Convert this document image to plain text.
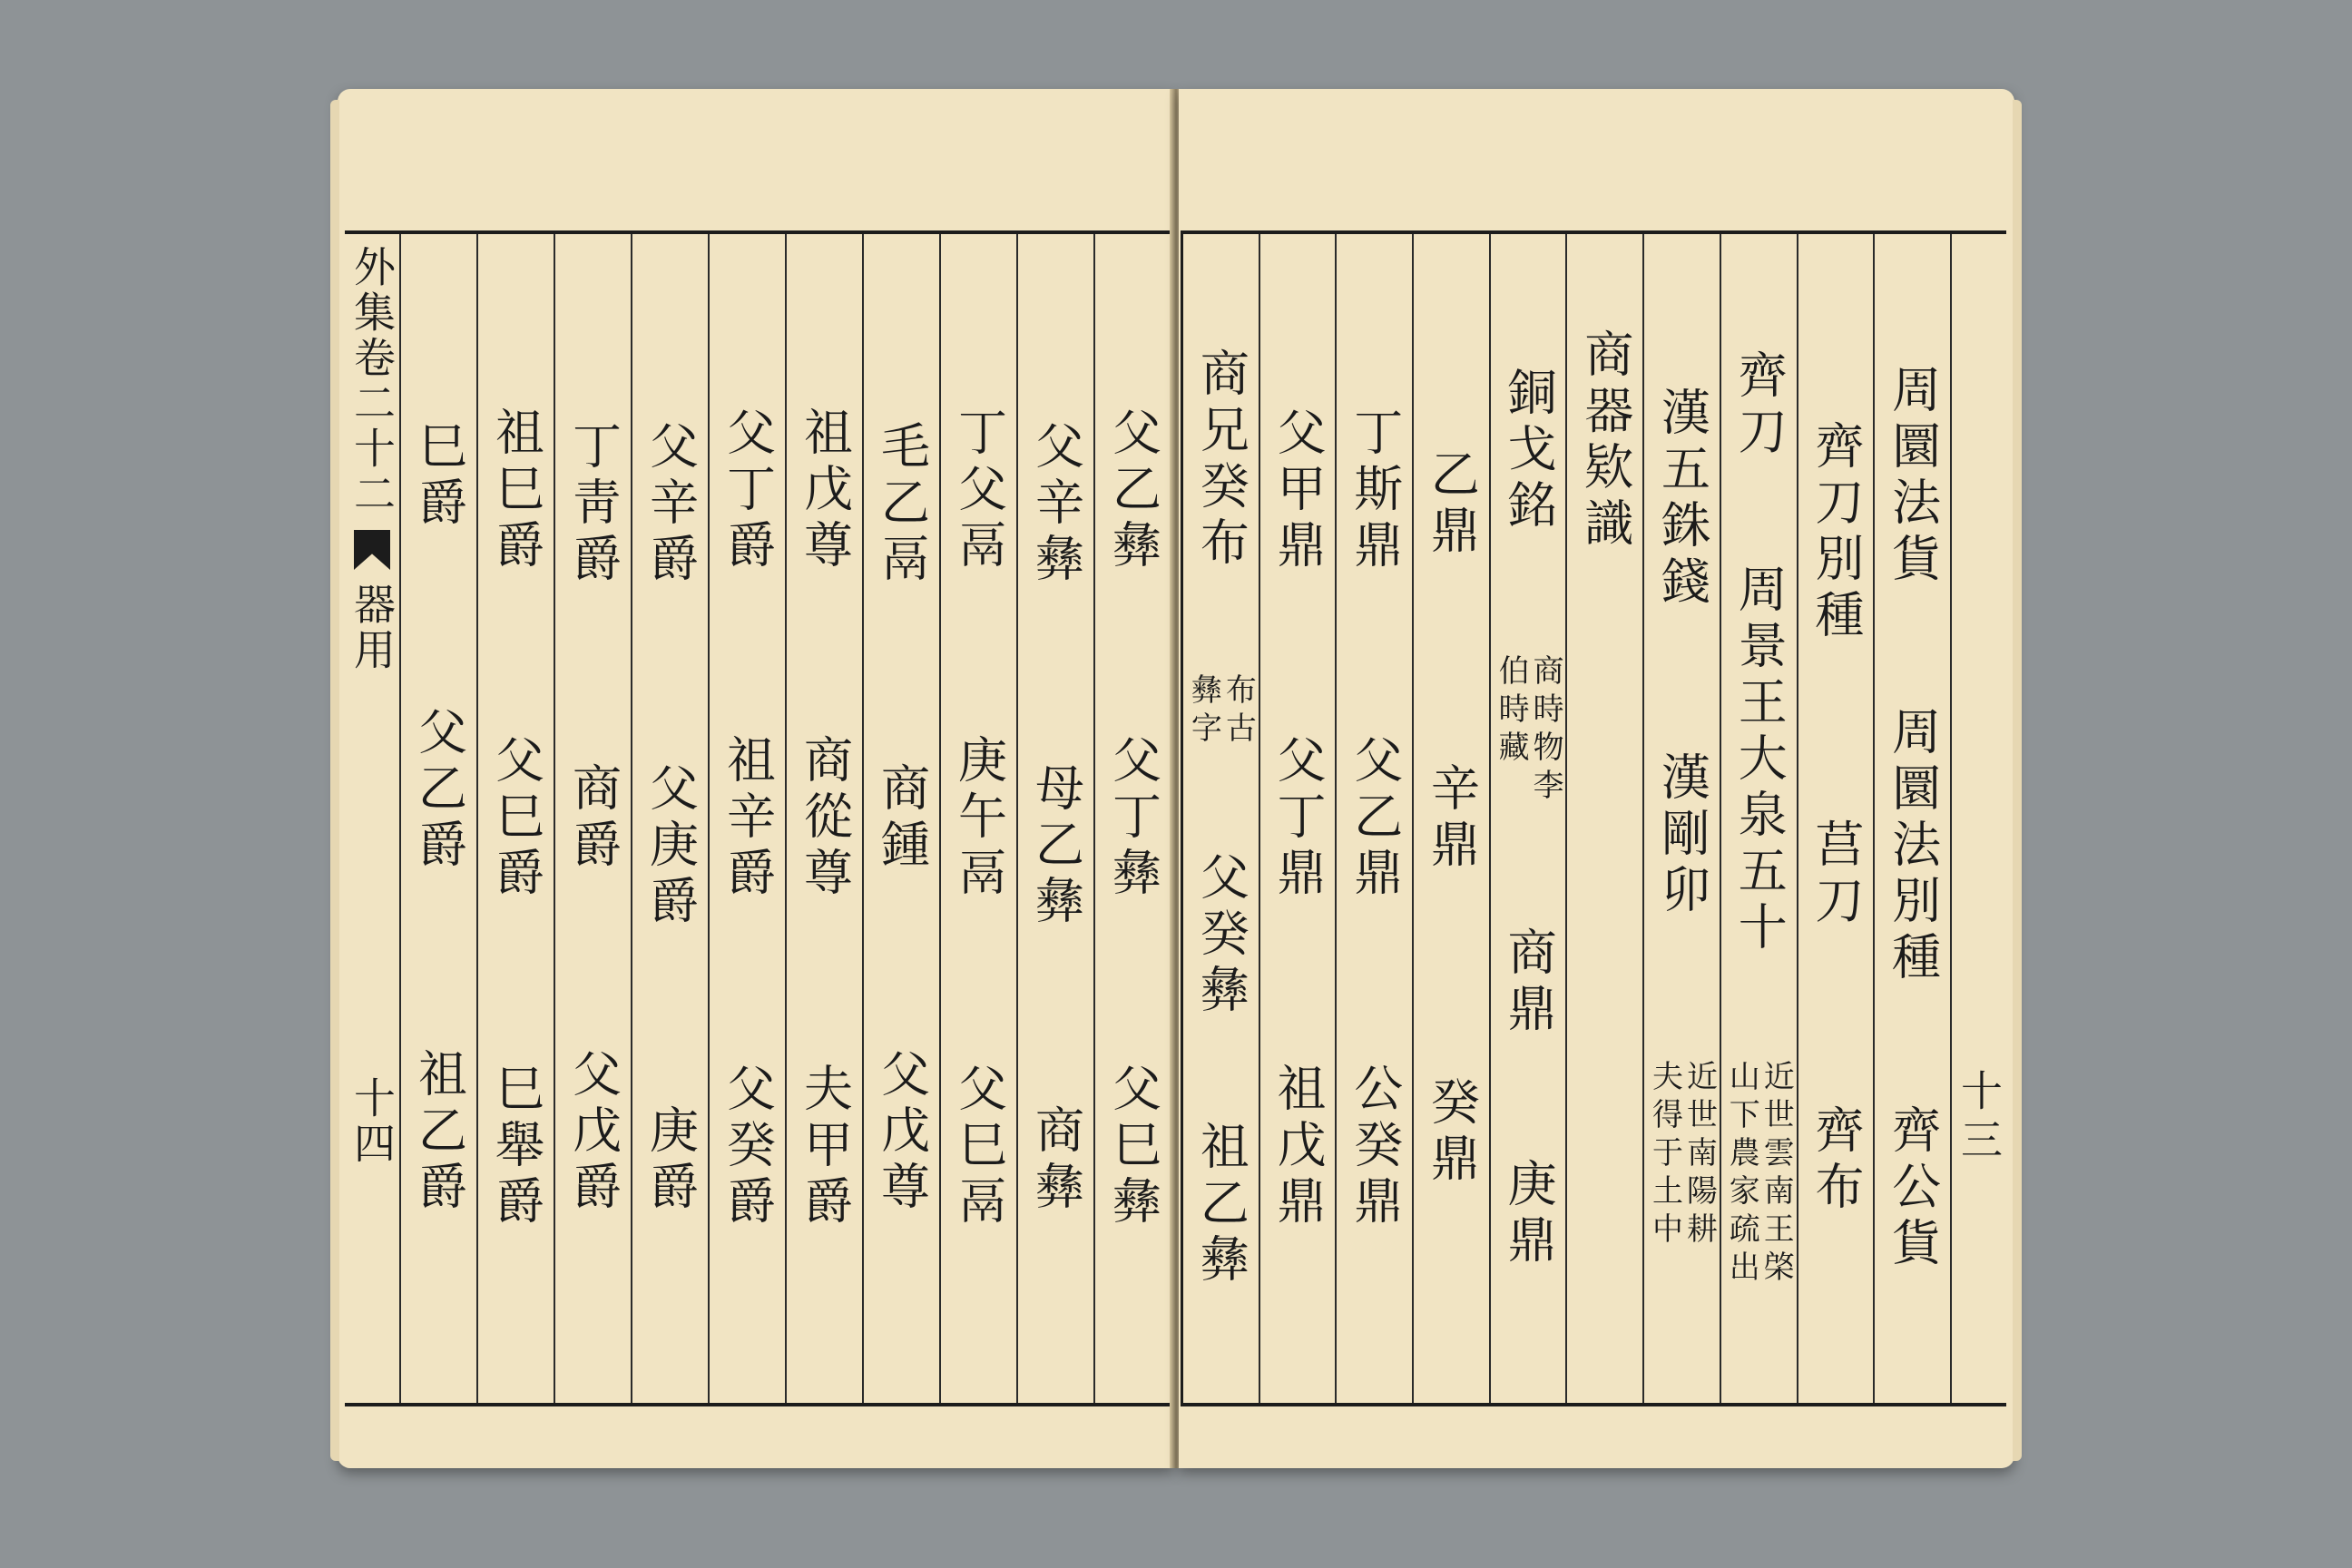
外集卷二十二
器用
十四
父乙彝
父丁彝
父巳彝
父辛彝
母乙彝
商彝
丁父鬲
庚午鬲
父巳鬲
毛乙鬲
商鍾
父戊尊
祖戊尊
商從尊
夫甲爵
父丁爵
祖辛爵
父癸爵
父辛爵
父庚爵
庚爵
丁靑爵
商爵
父戊爵
祖巳爵
父巳爵
巳舉爵
巳爵
父乙爵
祖乙爵	十三
周圜法貨
周圜法別種
齊公貨
齊刀別種
莒刀
齊布
齊刀
周景王大泉五十
近世雲南王棨
山下農家疏出
漢五銖錢
漢剛卯
近世南陽耕
夫得于土中
商器欵識
銅戈銘
商時物李
伯時藏
商鼎
庚鼎
乙鼎
辛鼎
癸鼎
丁斯鼎
父乙鼎
公癸鼎
父甲鼎
父丁鼎
祖戊鼎
商兄癸布
布古
彝字
父癸彝
祖乙彝
